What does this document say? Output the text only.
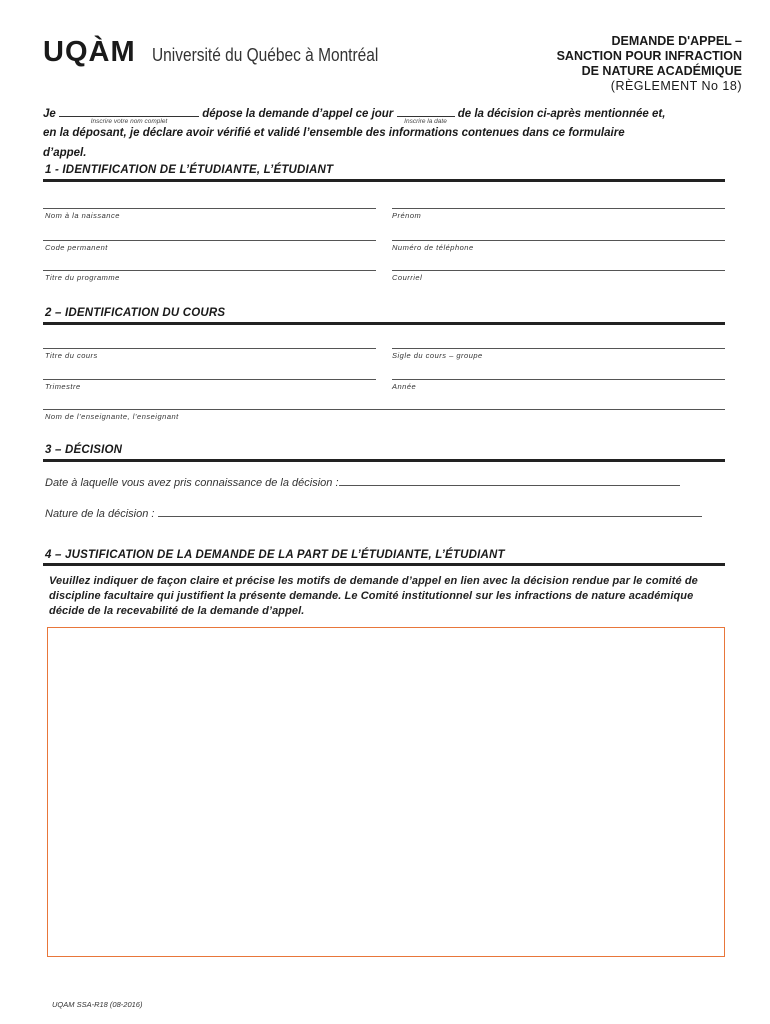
UQÀM Université du Québec à Montréal
DEMANDE D'APPEL –
SANCTION POUR INFRACTION
DE NATURE ACADÉMIQUE
(RÈGLEMENT No 18)
Je
Inscrire votre nom complet
dépose la demande d’appel ce jour
Inscrire la date
de la décision ci-après mentionnée et,
en la déposant, je déclare avoir vérifié et validé l’ensemble des informations contenues dans ce formulaire
d’appel.
1 - IDENTIFICATION DE L’ÉTUDIANTE, L’ÉTUDIANT
Nom à la naissance	Prénom
Code permanent	Numéro de téléphone
Titre du programme	Courriel
2 – IDENTIFICATION DU COURS
Titre du cours	Sigle du cours – groupe
Trimestre	Année
Nom de l’enseignante, l’enseignant
3 – DÉCISION
Date à laquelle vous avez pris connaissance de la décision :
Nature de la décision :
4 – JUSTIFICATION DE LA DEMANDE DE LA PART DE L’ÉTUDIANTE, L’ÉTUDIANT
Veuillez indiquer de façon claire et précise les motifs de demande d’appel en lien avec la décision rendue par le comité de discipline facultaire qui justifient la présente demande. Le Comité institutionnel sur les infractions de nature académique décide de la recevabilité de la demande d’appel.
UQAM SSA-R18 (08-2016)
